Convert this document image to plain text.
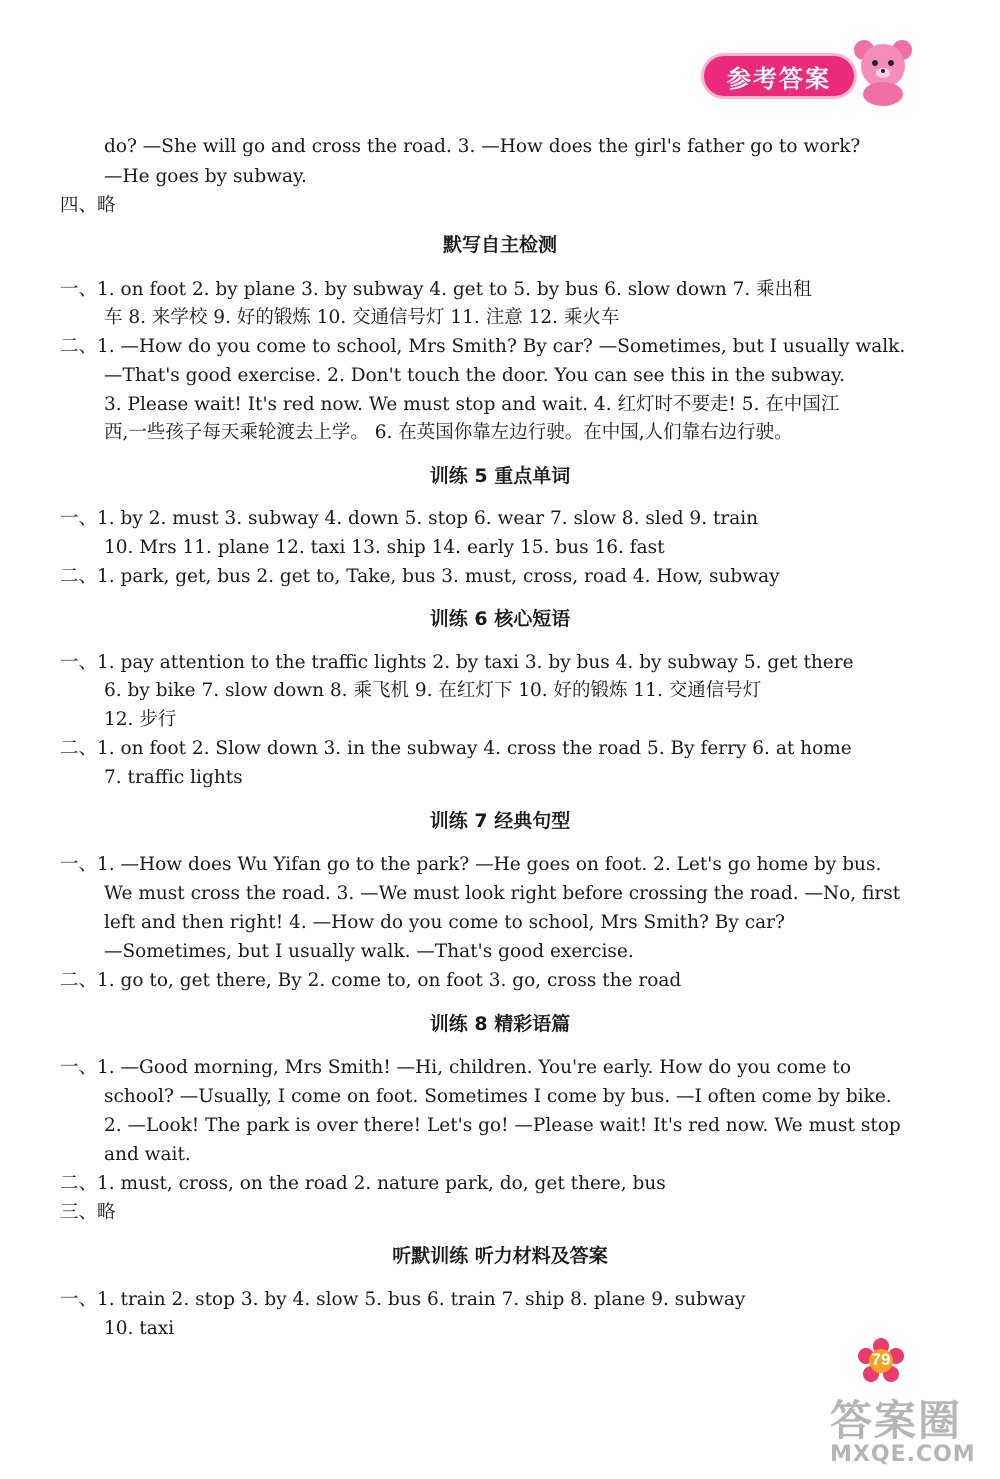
参考答案
do? —She will go and cross the road. 3. —How does the girl's father go to work?
—He goes by subway.
四、略
默写自主检测
一、1. on foot 2. by plane 3. by subway 4. get to 5. by bus 6. slow down 7. 乘出租
车 8. 来学校 9. 好的锻炼 10. 交通信号灯 11. 注意 12. 乘火车
二、1. —How do you come to school, Mrs Smith? By car? —Sometimes, but I usually walk.
—That's good exercise. 2. Don't touch the door. You can see this in the subway.
3. Please wait! It's red now. We must stop and wait. 4. 红灯时不要走! 5. 在中国江
西,一些孩子每天乘轮渡去上学。 6. 在英国你靠左边行驶。在中国,人们靠右边行驶。
训练 5 重点单词
一、1. by 2. must 3. subway 4. down 5. stop 6. wear 7. slow 8. sled 9. train
10. Mrs 11. plane 12. taxi 13. ship 14. early 15. bus 16. fast
二、1. park, get, bus 2. get to, Take, bus 3. must, cross, road 4. How, subway
训练 6 核心短语
一、1. pay attention to the traffic lights 2. by taxi 3. by bus 4. by subway 5. get there
6. by bike 7. slow down 8. 乘飞机 9. 在红灯下 10. 好的锻炼 11. 交通信号灯
12. 步行
二、1. on foot 2. Slow down 3. in the subway 4. cross the road 5. By ferry 6. at home
7. traffic lights
训练 7 经典句型
一、1. —How does Wu Yifan go to the park? —He goes on foot. 2. Let's go home by bus.
We must cross the road. 3. —We must look right before crossing the road. —No, first
left and then right! 4. —How do you come to school, Mrs Smith? By car?
—Sometimes, but I usually walk. —That's good exercise.
二、1. go to, get there, By 2. come to, on foot 3. go, cross the road
训练 8 精彩语篇
一、1. —Good morning, Mrs Smith! —Hi, children. You're early. How do you come to
school? —Usually, I come on foot. Sometimes I come by bus. —I often come by bike.
2. —Look! The park is over there! Let's go! —Please wait! It's red now. We must stop
and wait.
二、1. must, cross, on the road 2. nature park, do, get there, bus
三、略
听默训练 听力材料及答案
一、1. train 2. stop 3. by 4. slow 5. bus 6. train 7. ship 8. plane 9. subway
10. taxi
79
答案圈
MXQE.COM
